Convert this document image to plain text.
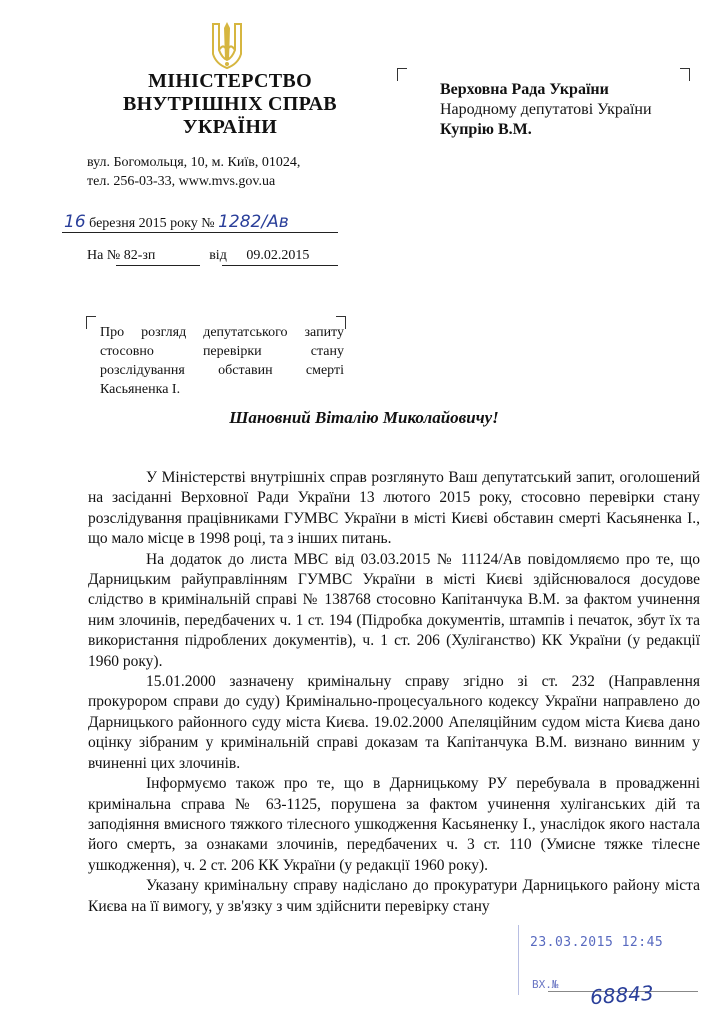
МІНІСТЕРСТВО
ВНУТРІШНІХ СПРАВ
УКРАЇНИ
вул. Богомольця, 10, м. Київ, 01024,
тел. 256-03-33, www.mvs.gov.ua
Верховна Рада України
Народному депутатові України
Купрію В.М.
16 березня 2015 року № 1282/Ав
На № 82-зп	від 09.02.2015
Про розгляд депутатського запиту
стосовно перевірки стану
розслідування обставин смерті
Касьяненка І.
Шановний Віталію Миколайовичу!

У Міністерстві внутрішніх справ розглянуто Ваш депутатський запит, оголошений на засіданні Верховної Ради України 13 лютого 2015 року, стосовно перевірки стану розслідування працівниками ГУМВС України в місті Києві обставин смерті Касьяненка І., що мало місце в 1998 році, та з інших питань.

На додаток до листа МВС від 03.03.2015 № 11124/Ав повідомляємо про те, що Дарницьким райуправлінням ГУМВС України в місті Києві здійснювалося досудове слідство в кримінальній справі № 138768 стосовно Капітанчука В.М. за фактом учинення ним злочинів, передбачених ч. 1 ст. 194 (Підробка документів, штампів і печаток, збут їх та використання підроблених документів), ч. 1 ст. 206 (Хуліганство) КК України (у редакції 1960 року).

15.01.2000 зазначену кримінальну справу згідно зі ст. 232 (Направлення прокурором справи до суду) Кримінально-процесуального кодексу України направлено до Дарницького районного суду міста Києва. 19.02.2000 Апеляційним судом міста Києва дано оцінку зібраним у кримінальній справі доказам та Капітанчука В.М. визнано винним у вчиненні цих злочинів.

Інформуємо також про те, що в Дарницькому РУ перебувала в провадженні кримінальна справа № 63-1125, порушена за фактом учинення хуліганських дій та заподіяння вмисного тяжкого тілесного ушкодження Касьяненку І., унаслідок якого настала його смерть, за ознаками злочинів, передбачених ч. 3 ст. 110 (Умисне тяжке тілесне ушкодження), ч. 2 ст. 206 КК України (у редакції 1960 року).

Указану кримінальну справу надіслано до прокуратури Дарницького району міста Києва на її вимогу, у зв'язку з чим здійснити перевірку стану

23.03.2015 12:45
ВХ.№ 68843
